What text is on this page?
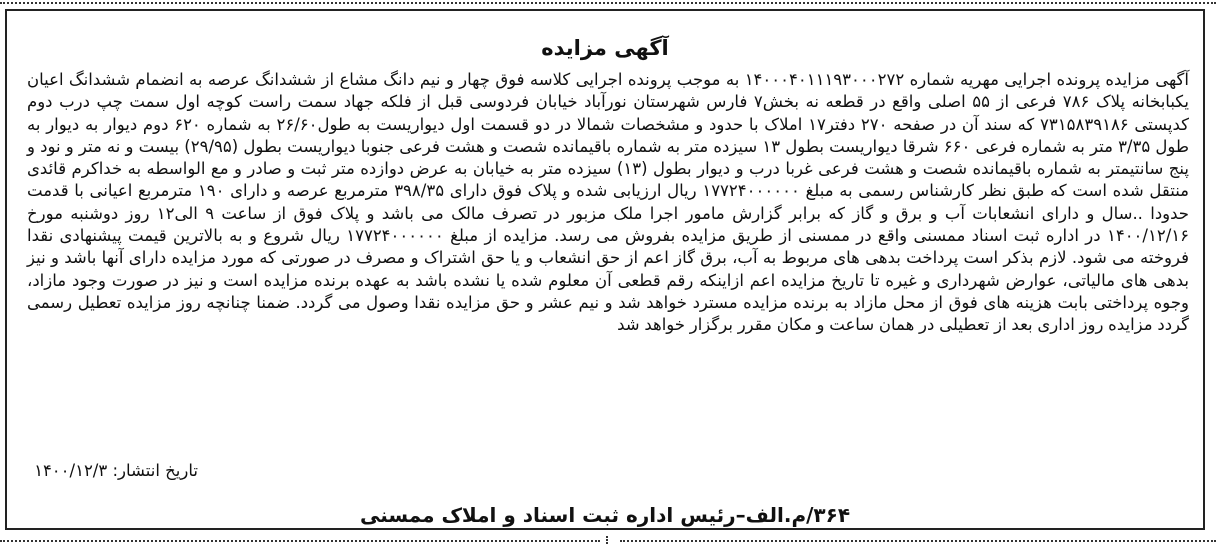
آگهی مزایده

آگهی مزایده پرونده اجرایی مهریه شماره ۱۴۰۰۰۴۰۱۱۱۹۳۰۰۰۲۷۲ به موجب پرونده اجرایی کلاسه فوق چهار و نیم دانگ مشاع از ششدانگ عرصه به انضمام ششدانگ اعیان یکبابخانه پلاک ۷۸۶ فرعی از ۵۵ اصلی واقع در قطعه نه بخش۷ فارس شهرستان نورآباد خیابان فردوسی قبل از فلکه جهاد سمت راست کوچه اول سمت چپ درب دوم کدپستی ۷۳۱۵۸۳۹۱۸۶ که سند آن در صفحه ۲۷۰ دفتر۱۷ املاک با حدود و مشخصات شمالا در دو قسمت اول دیواریست به طول۲۶/۶۰ به شماره ۶۲۰ دوم دیوار به دیوار به طول ۳/۳۵ متر به شماره فرعی ۶۶۰ شرقا دیواریست بطول ۱۳ سیزده متر به شماره باقیمانده شصت و هشت فرعی جنوبا دیواریست بطول (۲۹/۹۵) بیست و نه متر و نود و پنج سانتیمتر به شماره باقیمانده شصت و هشت فرعی غربا درب و دیوار بطول (۱۳) سیزده متر به خیابان به عرض دوازده متر ثبت و صادر و مع الواسطه به خداکرم قائدی منتقل شده است که طبق نظر کارشناس رسمی به مبلغ ۱۷۷۲۴۰۰۰۰۰۰ ریال ارزیابی شده و پلاک فوق دارای ۳۹۸/۳۵ مترمربع عرصه و دارای ۱۹۰ مترمربع اعیانی با قدمت حدودا ..سال و دارای انشعابات آب و برق و گاز که برابر گزارش مامور اجرا ملک مزبور در تصرف مالک می باشد و پلاک فوق از ساعت ۹ الی۱۲ روز دوشنبه مورخ ۱۴۰۰/۱۲/۱۶ در اداره ثبت اسناد ممسنی واقع در ممسنی از طریق مزایده بفروش می رسد. مزایده از مبلغ ۱۷۷۲۴۰۰۰۰۰۰ ریال شروع و به بالاترین قیمت پیشنهادی نقدا فروخته می شود. لازم بذکر است پرداخت بدهی های مربوط به آب، برق گاز اعم از حق انشعاب و یا حق اشتراک و مصرف در صورتی که مورد مزایده دارای آنها باشد و نیز بدهی های مالیاتی، عوارض شهرداری و غیره تا تاریخ مزایده اعم ازاینکه رقم قطعی آن معلوم شده یا نشده باشد به عهده برنده مزایده است و نیز در صورت وجود مازاد، وجوه پرداختی بابت هزینه های فوق از محل مازاد به برنده مزایده مسترد خواهد شد و نیم عشر و حق مزایده نقدا وصول می گردد. ضمنا چنانچه روز مزایده تعطیل رسمی گردد مزایده روز اداری بعد از تعطیلی در همان ساعت و مکان مقرر برگزار خواهد شد

تاریخ انتشار: ۱۴۰۰/۱۲/۳
۳۶۴/م.الف–رئیس اداره ثبت اسناد و املاک ممسنی
